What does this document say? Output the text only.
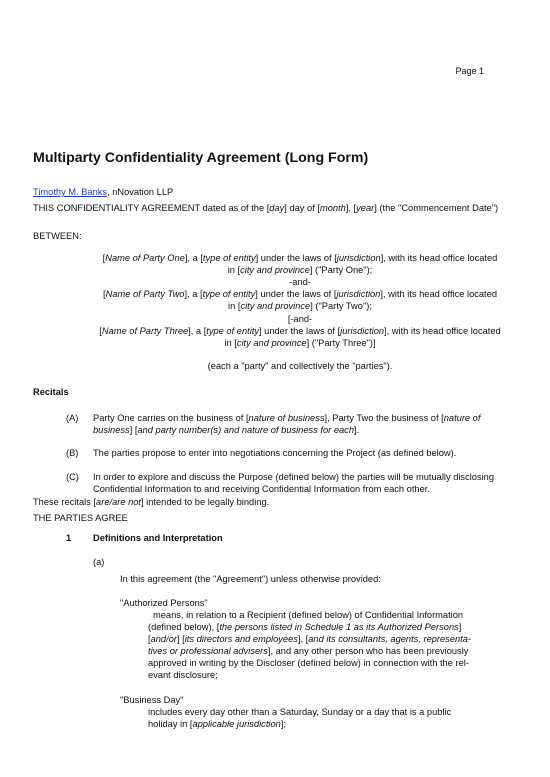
Page 1
Multiparty Confidentiality Agreement (Long Form)
Timothy M. Banks, nNovation LLP
THIS CONFIDENTIALITY AGREEMENT dated as of the [day] day of [month], [year] (the "Commencement Date")
BETWEEN:
[Name of Party One], a [type of entity] under the laws of [jurisdiction], with its head office located
in [city and province] ("Party One");
-and-
[Name of Party Two], a [type of entity] under the laws of [jurisdiction], with its head office located
in [city and province] ("Party Two");
[-and-
[Name of Party Three], a [type of entity] under the laws of [jurisdiction], with its head office located
in [city and province] ("Party Three")]
(each a "party" and collectively the "parties").
Recitals
(A) Party One carries on the business of [nature of business], Party Two the business of [nature of
business] [and party number(s) and nature of business for each].
(B) The parties propose to enter into negotiations concerning the Project (as defined below).
(C) In order to explore and discuss the Purpose (defined below) the parties will be mutually disclosing
Confidential Information to and receiving Confidential Information from each other.
These recitals [are/are not] intended to be legally binding.
THE PARTIES AGREE
1 Definitions and Interpretation
(a)
In this agreement (the "Agreement") unless otherwise provided:
"Authorized Persons"
means, in relation to a Recipient (defined below) of Confidential Information
(defined below), [the persons listed in Schedule 1 as its Authorized Persons]
[and/or] [its directors and employees], [and its consultants, agents, representa-
tives or professional advisers], and any other person who has been previously
approved in writing by the Discloser (defined below) in connection with the rel-
evant disclosure;
"Business Day"
includes every day other than a Saturday, Sunday or a day that is a public
holiday in [applicable jurisdiction];
